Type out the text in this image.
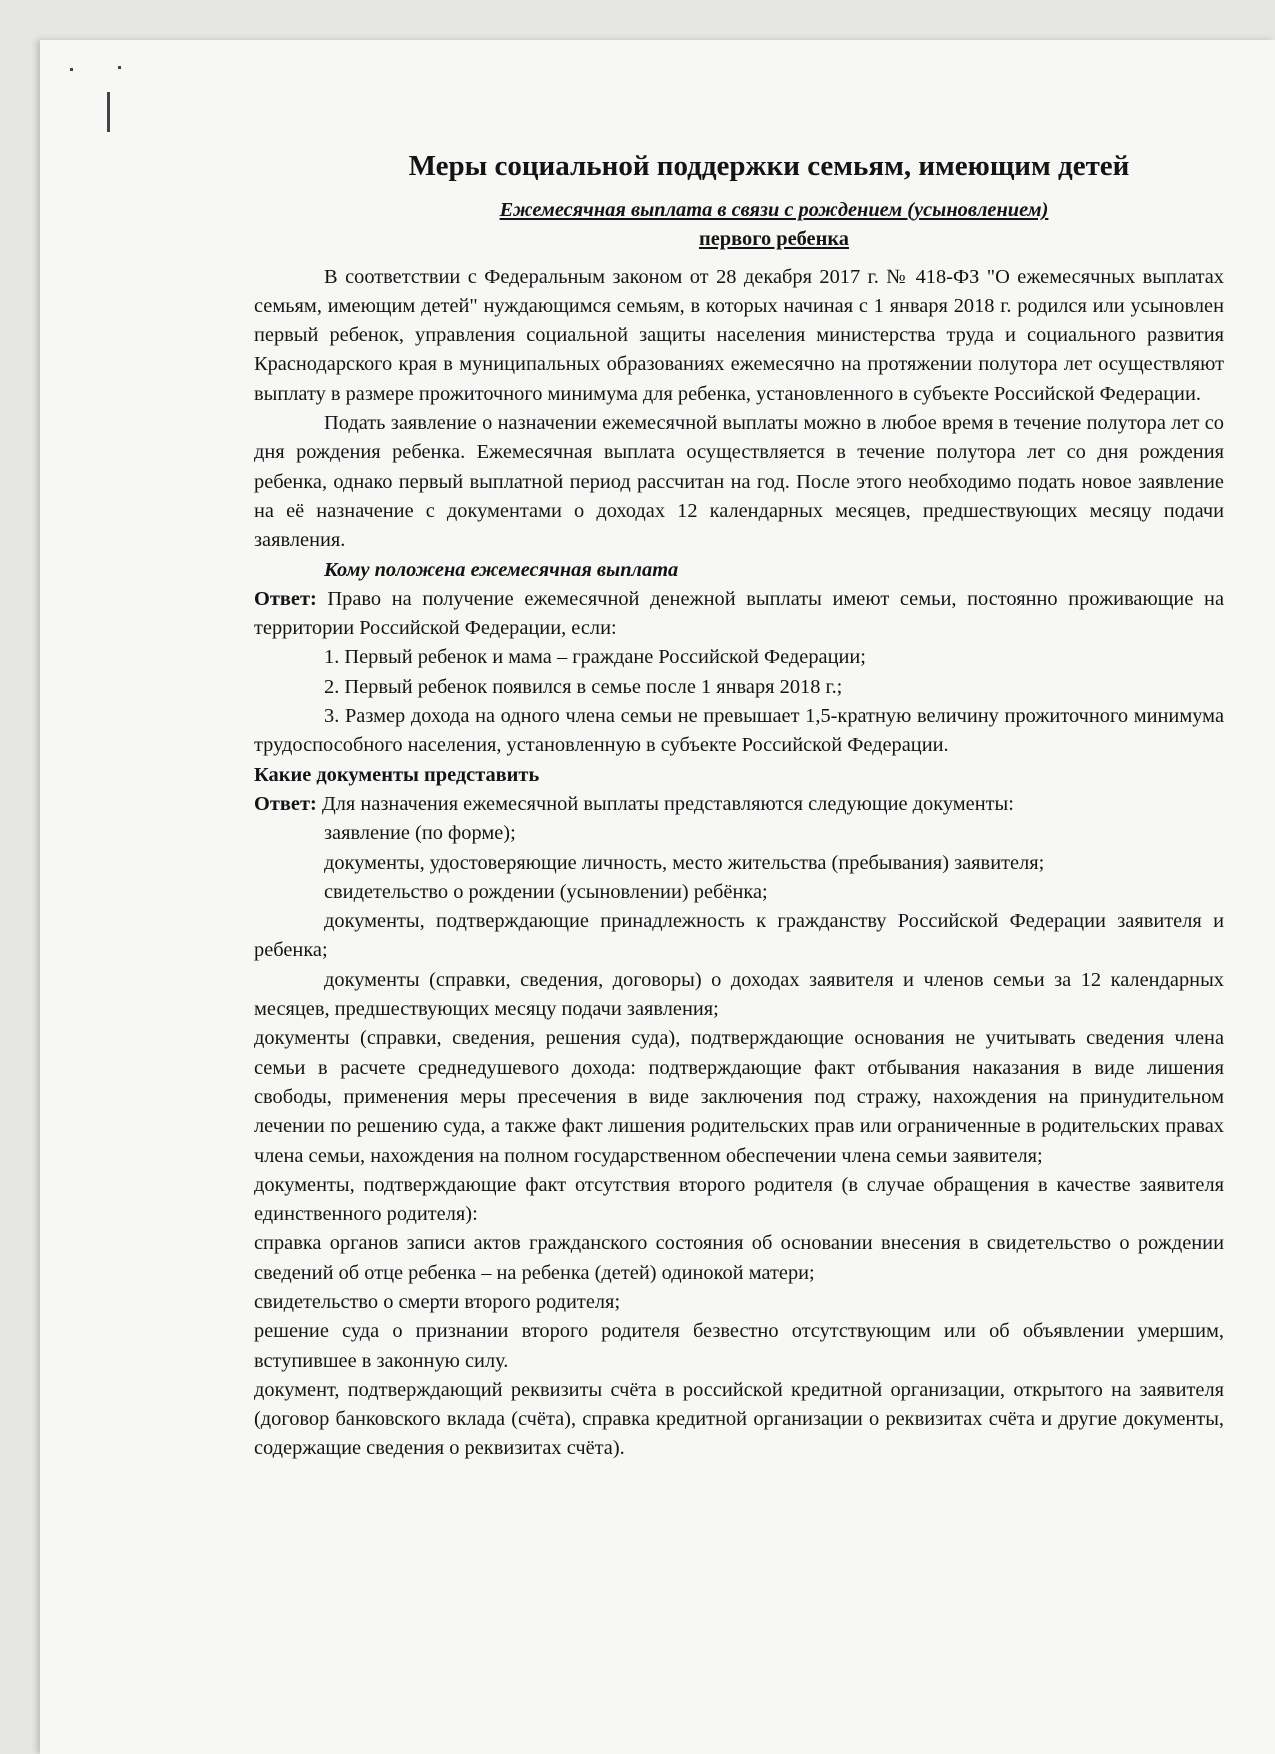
Меры социальной поддержки семьям, имеющим детей
Ежемесячная выплата в связи с рождением (усыновлением)
первого ребенка

В соответствии с Федеральным законом от 28 декабря 2017 г. № 418-ФЗ "О ежемесячных выплатах семьям, имеющим детей" нуждающимся семьям, в которых начиная с 1 января 2018 г. родился или усыновлен первый ребенок, управления социальной защиты населения министерства труда и социального развития Краснодарского края в муниципальных образованиях ежемесячно на протяжении полутора лет осуществляют выплату в размере прожиточного минимума для ребенка, установленного в субъекте Российской Федерации.

Подать заявление о назначении ежемесячной выплаты можно в любое время в течение полутора лет со дня рождения ребенка. Ежемесячная выплата осуществляется в течение полутора лет со дня рождения ребенка, однако первый выплатной период рассчитан на год. После этого необходимо подать новое заявление на её назначение с документами о доходах 12 календарных месяцев, предшествующих месяцу подачи заявления.

Кому положена ежемесячная выплата

Ответ: Право на получение ежемесячной денежной выплаты имеют семьи, постоянно проживающие на территории Российской Федерации, если:

1. Первый ребенок и мама – граждане Российской Федерации;
2. Первый ребенок появился в семье после 1 января 2018 г.;
3. Размер дохода на одного члена семьи не превышает 1,5-кратную величину прожиточного минимума трудоспособного населения, установленную в субъекте Российской Федерации.
Какие документы представить

Ответ: Для назначения ежемесячной выплаты представляются следующие документы:

заявление (по форме);
документы, удостоверяющие личность, место жительства (пребывания) заявителя;
свидетельство о рождении (усыновлении) ребёнка;

документы, подтверждающие принадлежность к гражданству Российской Федерации заявителя и ребенка;

документы (справки, сведения, договоры) о доходах заявителя и членов семьи за 12 календарных месяцев, предшествующих месяцу подачи заявления;

документы (справки, сведения, решения суда), подтверждающие основания не учитывать сведения члена семьи в расчете среднедушевого дохода: подтверждающие факт отбывания наказания в виде лишения свободы, применения меры пресечения в виде заключения под стражу, нахождения на принудительном лечении по решению суда, а также факт лишения родительских прав или ограниченные в родительских правах члена семьи, нахождения на полном государственном обеспечении члена семьи заявителя;

документы, подтверждающие факт отсутствия второго родителя (в случае обращения в качестве заявителя единственного родителя):

справка органов записи актов гражданского состояния об основании внесения в свидетельство о рождении сведений об отце ребенка – на ребенка (детей) одинокой матери;

свидетельство о смерти второго родителя;

решение суда о признании второго родителя безвестно отсутствующим или об объявлении умершим, вступившее в законную силу.

документ, подтверждающий реквизиты счёта в российской кредитной организации, открытого на заявителя (договор банковского вклада (счёта), справка кредитной организации о реквизитах счёта и другие документы, содержащие сведения о реквизитах счёта).
